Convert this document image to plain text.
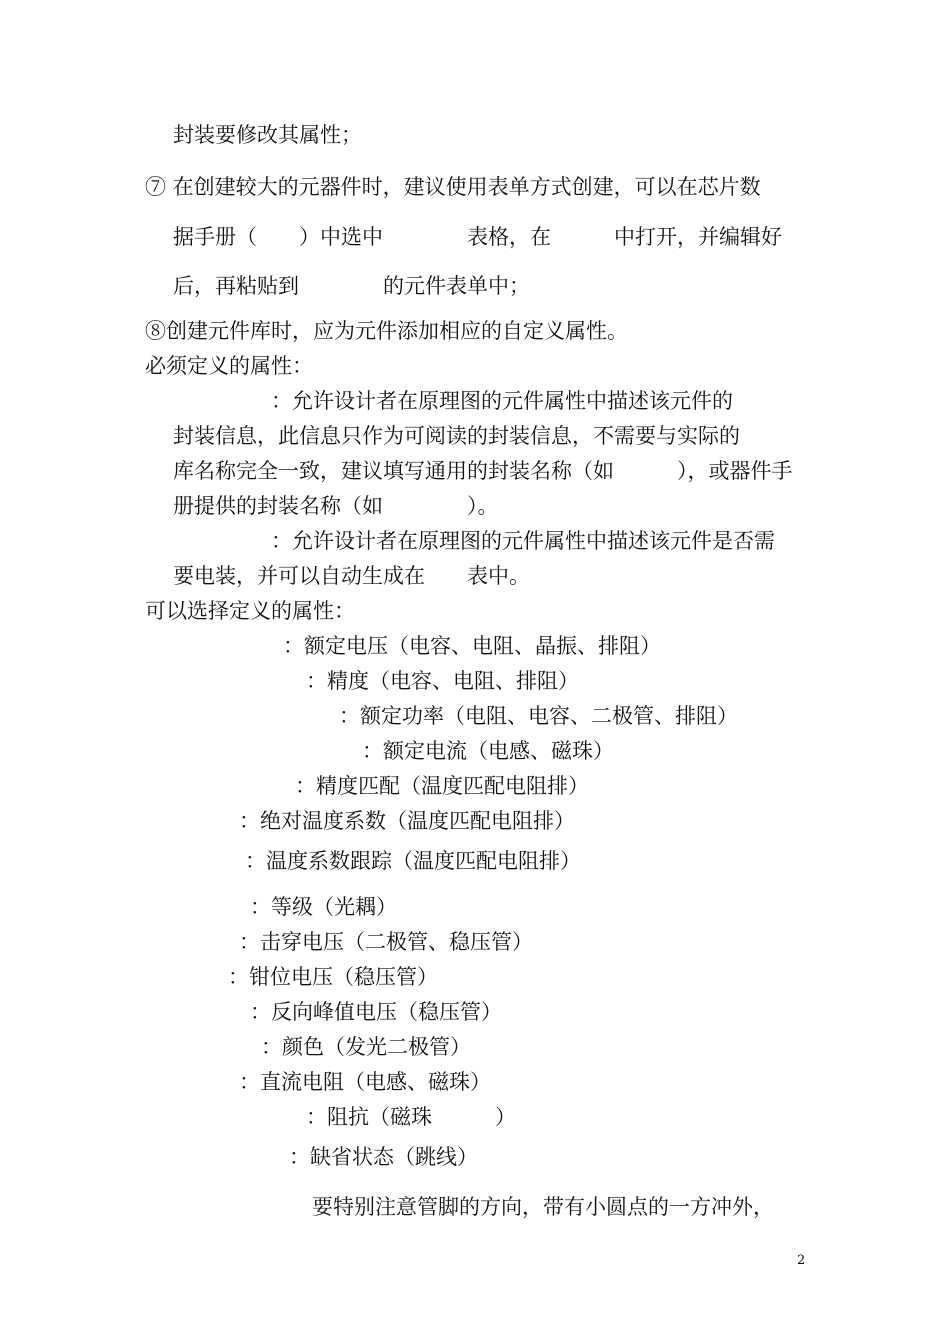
封装要修改其属性；
⑦ 在创建较大的元器件时，建议使用表单方式创建，可以在芯片数
据手册（　　）中选中　　　　表格，在　　　中打开，并编辑好
后，再粘贴到　　　　的元件表单中；
⑧创建元件库时，应为元件添加相应的自定义属性。
必须定义的属性：
：允许设计者在原理图的元件属性中描述该元件的
封装信息，此信息只作为可阅读的封装信息，不需要与实际的
库名称完全一致，建议填写通用的封装名称（如　　　），或器件手
册提供的封装名称（如　　　　）。
：允许设计者在原理图的元件属性中描述该元件是否需
要电装，并可以自动生成在　　表中。
可以选择定义的属性：
：额定电压（电容、电阻、晶振、排阻）
：精度（电容、电阻、排阻）
：额定功率（电阻、电容、二极管、排阻）
：额定电流（电感、磁珠）
：精度匹配（温度匹配电阻排）
：绝对温度系数（温度匹配电阻排）
：温度系数跟踪（温度匹配电阻排）
：等级（光耦）
：击穿电压（二极管、稳压管）
：钳位电压（稳压管）
：反向峰值电压（稳压管）
：颜色（发光二极管）
：直流电阻（电感、磁珠）
：阻抗（磁珠　　　）
：缺省状态（跳线）
要特别注意管脚的方向，带有小圆点的一方冲外，
2
